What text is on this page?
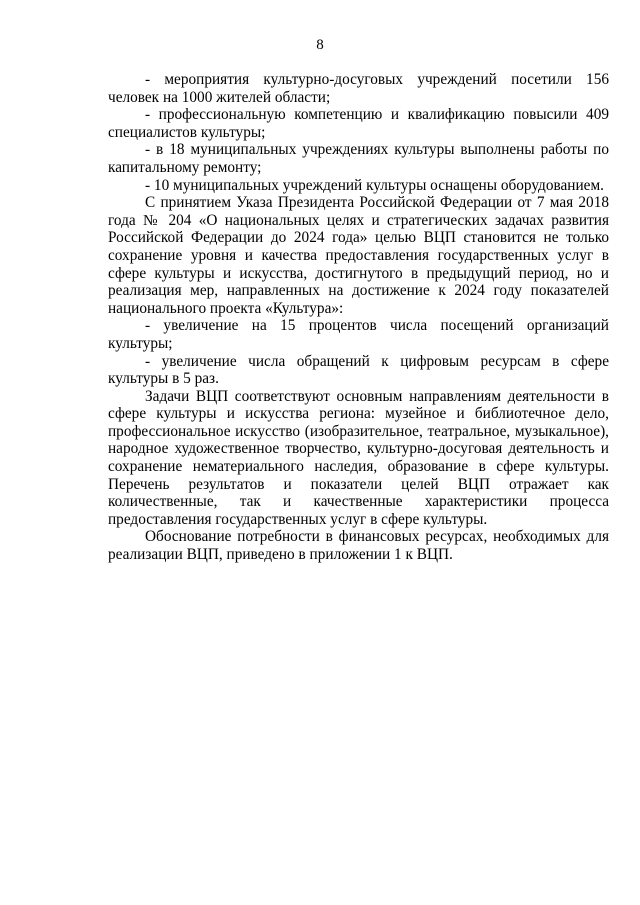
8

- мероприятия культурно-досуговых учреждений посетили 156 человек на 1000 жителей области;

- профессиональную компетенцию и квалификацию повысили 409 специалистов культуры;

- в 18 муниципальных учреждениях культуры выполнены работы по капитальному ремонту;

- 10 муниципальных учреждений культуры оснащены оборудованием.

С принятием Указа Президента Российской Федерации от 7 мая 2018 года № 204 «О национальных целях и стратегических задачах развития Российской Федерации до 2024 года» целью ВЦП становится не только сохранение уровня и качества предоставления государственных услуг в сфере культуры и искусства, достигнутого в предыдущий период, но и реализация мер, направленных на достижение к 2024 году показателей национального проекта «Культура»:

- увеличение на 15 процентов числа посещений организаций культуры;

- увеличение числа обращений к цифровым ресурсам в сфере культуры в 5 раз.

Задачи ВЦП соответствуют основным направлениям деятельности в сфере культуры и искусства региона: музейное и библиотечное дело, профессиональное искусство (изобразительное, театральное, музыкальное), народное художественное творчество, культурно-досуговая деятельность и сохранение нематериального наследия, образование в сфере культуры. Перечень результатов и показатели целей ВЦП отражает как количественные, так и качественные характеристики процесса предоставления государственных услуг в сфере культуры.

Обоснование потребности в финансовых ресурсах, необходимых для реализации ВЦП, приведено в приложении 1 к ВЦП.
